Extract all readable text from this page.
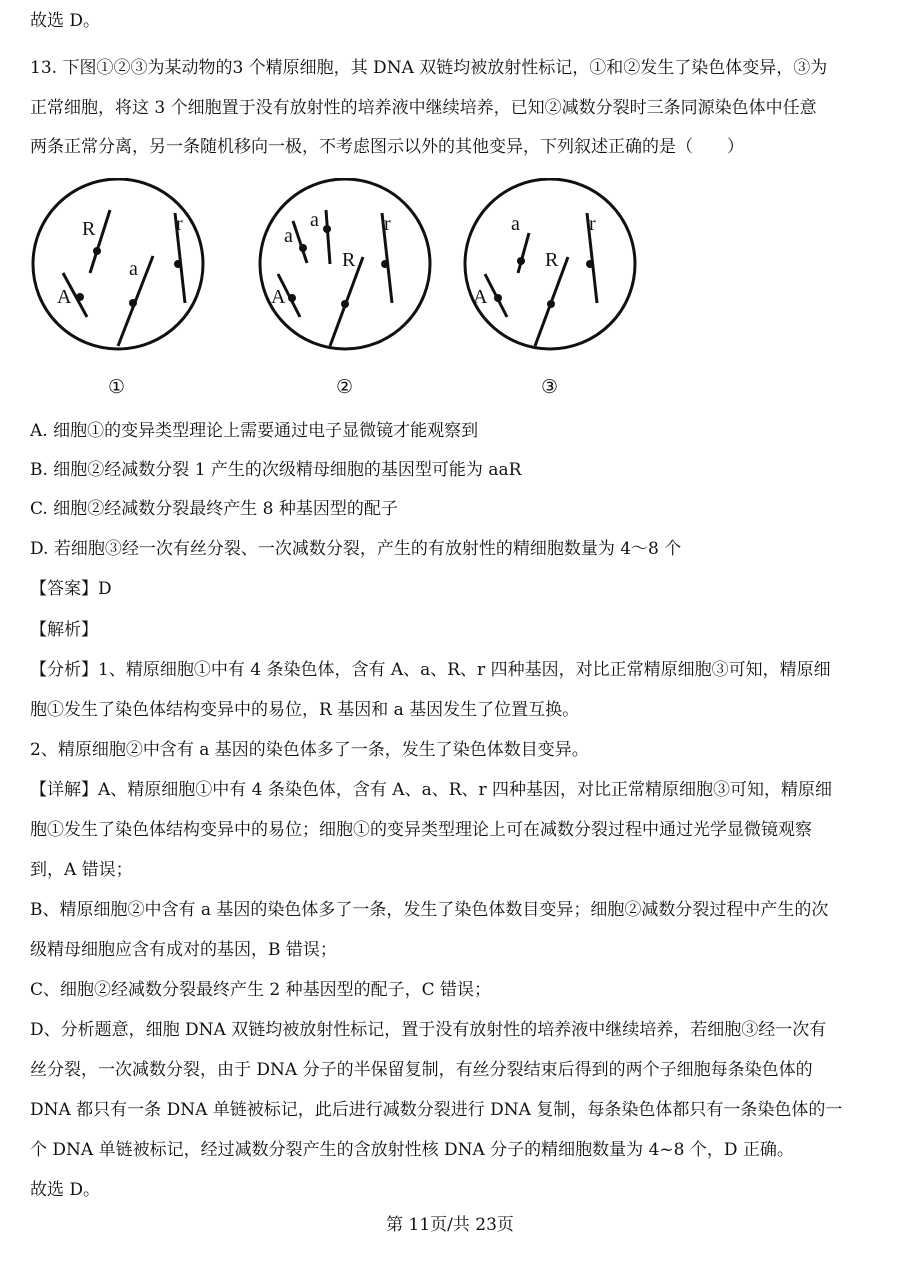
故选 D。
13. 下图①②③为某动物的3 个精原细胞，其 DNA 双链均被放射性标记，①和②发生了染色体变异，③为
正常细胞，将这 3 个细胞置于没有放射性的培养液中继续培养，已知②减数分裂时三条同源染色体中任意
两条正常分离，另一条随机移向一极，不考虑图示以外的其他变异，下列叙述正确的是（　　）
R
a
A
r
①
a
a
R
A
r
②
a
R
A
r
③
A. 细胞①的变异类型理论上需要通过电子显微镜才能观察到
B. 细胞②经减数分裂 1 产生的次级精母细胞的基因型可能为 aaR
C. 细胞②经减数分裂最终产生 8 种基因型的配子
D. 若细胞③经一次有丝分裂、一次减数分裂，产生的有放射性的精细胞数量为 4～8 个
【答案】D
【解析】
【分析】1、精原细胞①中有 4 条染色体，含有 A、a、R、r 四种基因，对比正常精原细胞③可知，精原细
胞①发生了染色体结构变异中的易位，R 基因和 a 基因发生了位置互换。
2、精原细胞②中含有 a 基因的染色体多了一条，发生了染色体数目变异。
【详解】A、精原细胞①中有 4 条染色体，含有 A、a、R、r 四种基因，对比正常精原细胞③可知，精原细
胞①发生了染色体结构变异中的易位；细胞①的变异类型理论上可在减数分裂过程中通过光学显微镜观察
到，A 错误；
B、精原细胞②中含有 a 基因的染色体多了一条，发生了染色体数目变异；细胞②减数分裂过程中产生的次
级精母细胞应含有成对的基因，B 错误；
C、细胞②经减数分裂最终产生 2 种基因型的配子，C 错误；
D、分析题意，细胞 DNA 双链均被放射性标记，置于没有放射性的培养液中继续培养，若细胞③经一次有
丝分裂，一次减数分裂，由于 DNA 分子的半保留复制，有丝分裂结束后得到的两个子细胞每条染色体的
DNA 都只有一条 DNA 单链被标记，此后进行减数分裂进行 DNA 复制，每条染色体都只有一条染色体的一
个 DNA 单链被标记，经过减数分裂产生的含放射性核 DNA 分子的精细胞数量为 4~8 个，D 正确。
故选 D。
第 11页/共 23页
